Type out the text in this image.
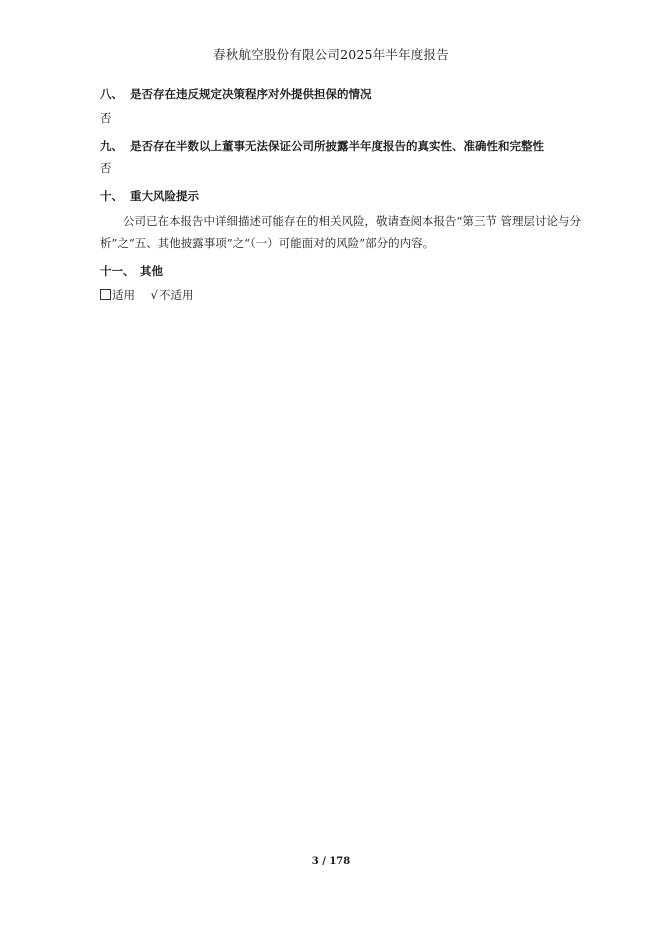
春秋航空股份有限公司2025年半年度报告
八、 是否存在违反规定决策程序对外提供担保的情况
否
九、 是否存在半数以上董事无法保证公司所披露半年度报告的真实性、准确性和完整性
否
十、 重大风险提示
公司已在本报告中详细描述可能存在的相关风险，敬请查阅本报告“第三节 管理层讨论与分
析”之“五、其他披露事项”之“（一）可能面对的风险”部分的内容。
十一、 其他
适用 √不适用
3 / 178
